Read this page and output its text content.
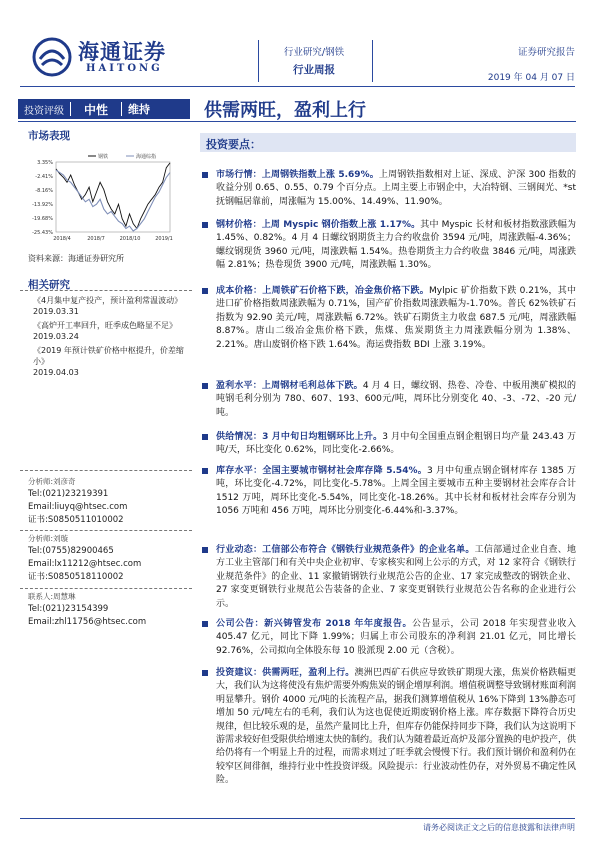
海通证券
HAITONG
行业研究/钢铁
行业周报
证券研究报告
2019 年 04 月 07 日
投资评级	中性	维持	供需两旺，盈利上行
市场表现
3.35%
-2.41%
-8.16%
-13.92%
-19.68%
-25.43%
2018/4	2018/7	2018/10	2019/1
钢铁	海通综指
资料来源：海通证券研究所
相关研究
《4月集中复产投产，预计盈利常温波动》
2019.03.31
《高炉开工率回升，旺季成色略显不足》
2019.03.24
《2019 年预计铁矿价格中枢提升，价差缩小》
2019.04.03
分析师:刘彦奇
Tel:(021)23219391
Email:liuyq@htsec.com
证书:S0850511010002
分析师:刘璇
Tel:(0755)82900465
Email:lx11212@htsec.com
证书:S0850518110002
联系人:周慧琳
Tel:(021)23154399
Email:zhl11756@htsec.com
投资要点：
市场行情：上周钢铁指数上涨 5.69%。上周钢铁指数相对上证、深成、沪深 300 指数的收益分别 0.65、0.55、0.79 个百分点。上周主要上市钢企中，大冶特钢、三钢闽光、*st 抚钢幅居靠前，周涨幅为 15.00%、14.49%、11.90%。
钢材价格：上周 Myspic 钢价指数上涨 1.17%。其中 Myspic 长材和板材指数涨跌幅为 1.45%、0.82%。4 月 4 日螺纹钢期货主力合约收盘价 3594 元/吨，周涨跌幅-4.36%；螺纹钢现货 3960 元/吨，周涨跌幅 1.54%。热卷期货主力合约收盘 3846 元/吨，周涨跌幅 2.81%；热卷现货 3900 元/吨，周涨跌幅 1.30%。
成本价格：上周铁矿石价格下跌，冶金焦价格下跌。Mylpic 矿价指数下跌 0.21%，其中进口矿价格指数周涨跌幅为 0.71%，国产矿价指数周涨跌幅为-1.70%。普氏 62%铁矿石指数为 92.90 美元/吨，周涨跌幅 6.72%。铁矿石期货主力收盘 687.5 元/吨，周涨跌幅 8.87%。唐山二级冶金焦价格下跌，焦煤、焦炭期货主力周涨跌幅分别为 1.38%、2.21%。唐山废钢价格下跌 1.64%。海运费指数 BDI 上涨 3.19%。
盈利水平：上周钢材毛利总体下跌。4 月 4 日，螺纹钢、热卷、冷卷、中板用澳矿模拟的吨钢毛利分别为 780、607、193、600元/吨，周环比分别变化 40、-3、-72、-20 元/吨。
供给情况：3 月中旬日均粗钢环比上升。3 月中旬全国重点钢企粗钢日均产量 243.43 万吨/天，环比变化 0.62%，同比变化-2.66%。
库存水平：全国主要城市钢材社会库存降 5.54%。3 月中旬重点钢企钢材库存 1385 万吨，环比变化-4.72%，同比变化-5.78%。上周全国主要城市五种主要钢材社会库存合计 1512 万吨，周环比变化-5.54%，同比变化-18.26%。其中长材和板材社会库存分别为 1056 万吨和 456 万吨，周环比分别变化-6.44%和-3.37%。
行业动态：工信部公布符合《钢铁行业规范条件》的企业名单。工信部通过企业自查、地方工业主管部门和有关中央企业初审、专家核实和网上公示的方式，对 12 家符合《钢铁行业规范条件》的企业、11 家撤销钢铁行业规范公告的企业、17 家完成整改的钢铁企业、27 家变更钢铁行业规范公告装备的企业、7 家变更钢铁行业规范公告名称的企业进行公示。
公司公告：新兴铸管发布 2018 年年度报告。公告显示，公司 2018 年实现营业收入 405.47 亿元，同比下降 1.99%；归属上市公司股东的净利润 21.01 亿元，同比增长 92.76%，公司拟向全体股东每 10 股派现 2.00 元（含税）。
投资建议：供需两旺，盈利上行。澳洲巴西矿石供应导致铁矿期现大涨，焦炭价格跌幅更大，我们认为这将使没有焦炉需要外购焦炭的钢企增厚利润。增值税调整导致钢材账面利润明显攀升。钢价 4000 元/吨的长流程产品，据我们测算增值税从 16%下降到 13%静态可增加 50 元/吨左右的毛利，我们认为这也促使近期废钢价格上涨。库存数据下降符合历史规律，但比较乐观的是，虽然产量同比上升，但库存仍能保持同步下降，我们认为这说明下游需求较好但受限供给增速太快的制约。我们认为随着最近高炉及部分置换的电炉投产，供给仍将有一个明显上升的过程，而需求则过了旺季就会慢慢下行。我们预计钢价和盈利仍在较窄区间徘徊，维持行业中性投资评级。风险提示：行业波动性仍存，对外贸易不确定性风险。
请务必阅读正文之后的信息披露和法律声明
